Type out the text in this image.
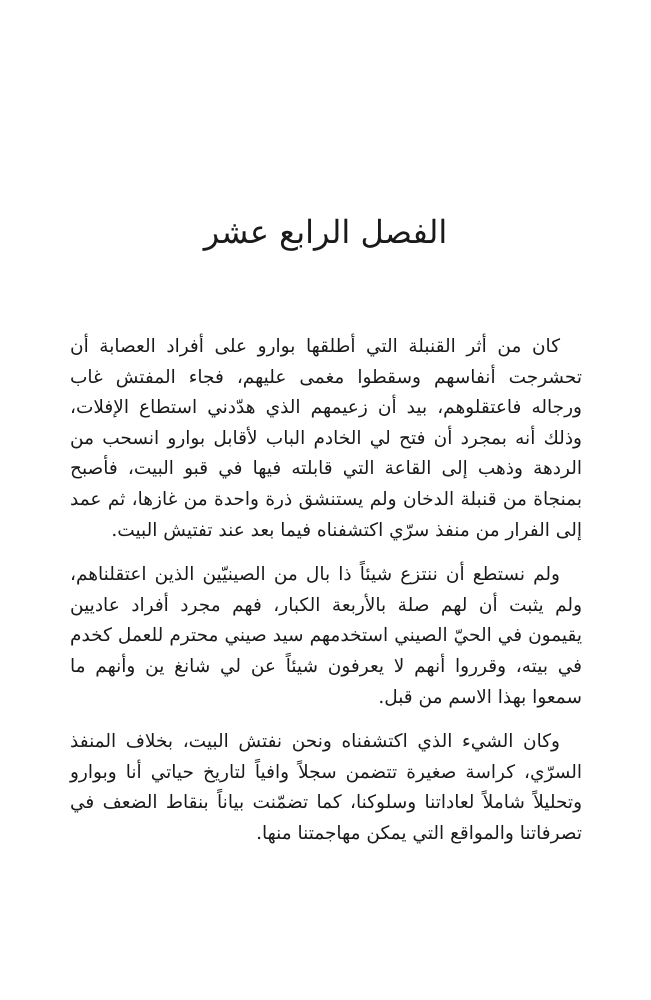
الفصل الرابع عشر

كان من أثر القنبلة التي أطلقها بوارو على أفراد العصابة أن تحشرجت أنفاسهم وسقطوا مغمى عليهم، فجاء المفتش غاب ورجاله فاعتقلوهم، بيد أن زعيمهم الذي هدّدني استطاع الإفلات، وذلك أنه بمجرد أن فتح لي الخادم الباب لأقابل بوارو انسحب من الردهة وذهب إلى القاعة التي قابلته فيها في قبو البيت، فأصبح بمنجاة من قنبلة الدخان ولم يستنشق ذرة واحدة من غازها، ثم عمد إلى الفرار من منفذ سرّي اكتشفناه فيما بعد عند تفتيش البيت.

ولم نستطع أن ننتزع شيئاً ذا بال من الصينيّين الذين اعتقلناهم، ولم يثبت أن لهم صلة بالأربعة الكبار، فهم مجرد أفراد عاديين يقيمون في الحيّ الصيني استخدمهم سيد صيني محترم للعمل كخدم في بيته، وقرروا أنهم لا يعرفون شيئاً عن لي شانغ ين وأنهم ما سمعوا بهذا الاسم من قبل.

وكان الشيء الذي اكتشفناه ونحن نفتش البيت، بخلاف المنفذ السرّي، كراسة صغيرة تتضمن سجلاً وافياً لتاريخ حياتي أنا وبوارو وتحليلاً شاملاً لعاداتنا وسلوكنا، كما تضمّنت بياناً بنقاط الضعف في تصرفاتنا والمواقع التي يمكن مهاجمتنا منها.
